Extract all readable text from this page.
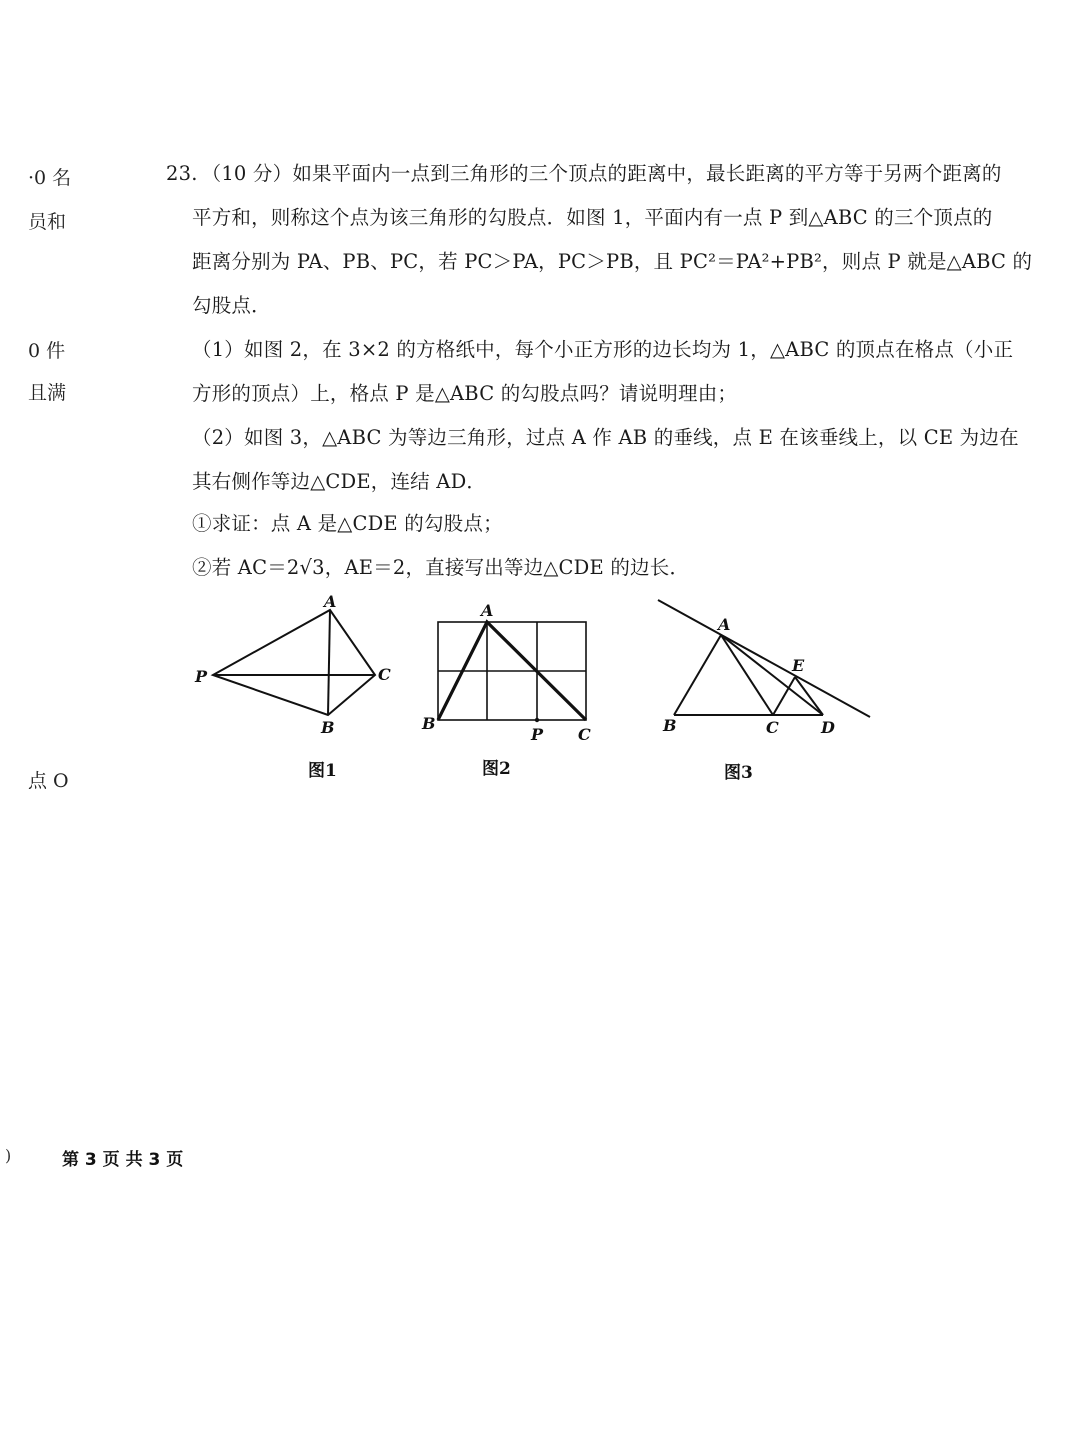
·0 名
员和
0 件
且满
点 O
23. （10 分）如果平面内一点到三角形的三个顶点的距离中，最长距离的平方等于另两个距离的
平方和，则称这个点为该三角形的勾股点．如图 1，平面内有一点 P 到△ABC 的三个顶点的
距离分别为 PA、PB、PC，若 PC＞PA，PC＞PB，且 PC²＝PA²+PB²，则点 P 就是△ABC 的
勾股点．
（1）如图 2，在 3×2 的方格纸中，每个小正方形的边长均为 1，△ABC 的顶点在格点（小正
方形的顶点）上，格点 P 是△ABC 的勾股点吗？请说明理由；
（2）如图 3，△ABC 为等边三角形，过点 A 作 AB 的垂线，点 E 在该垂线上，以 CE 为边在
其右侧作等边△CDE，连结 AD．
①求证：点 A 是△CDE 的勾股点；
②若 AC＝2√3，AE＝2，直接写出等边△CDE 的边长．
A
P	C
B
图1
A
B
P C
图2
A
E
B	C	D
图3
)	第 3 页 共 3 页
